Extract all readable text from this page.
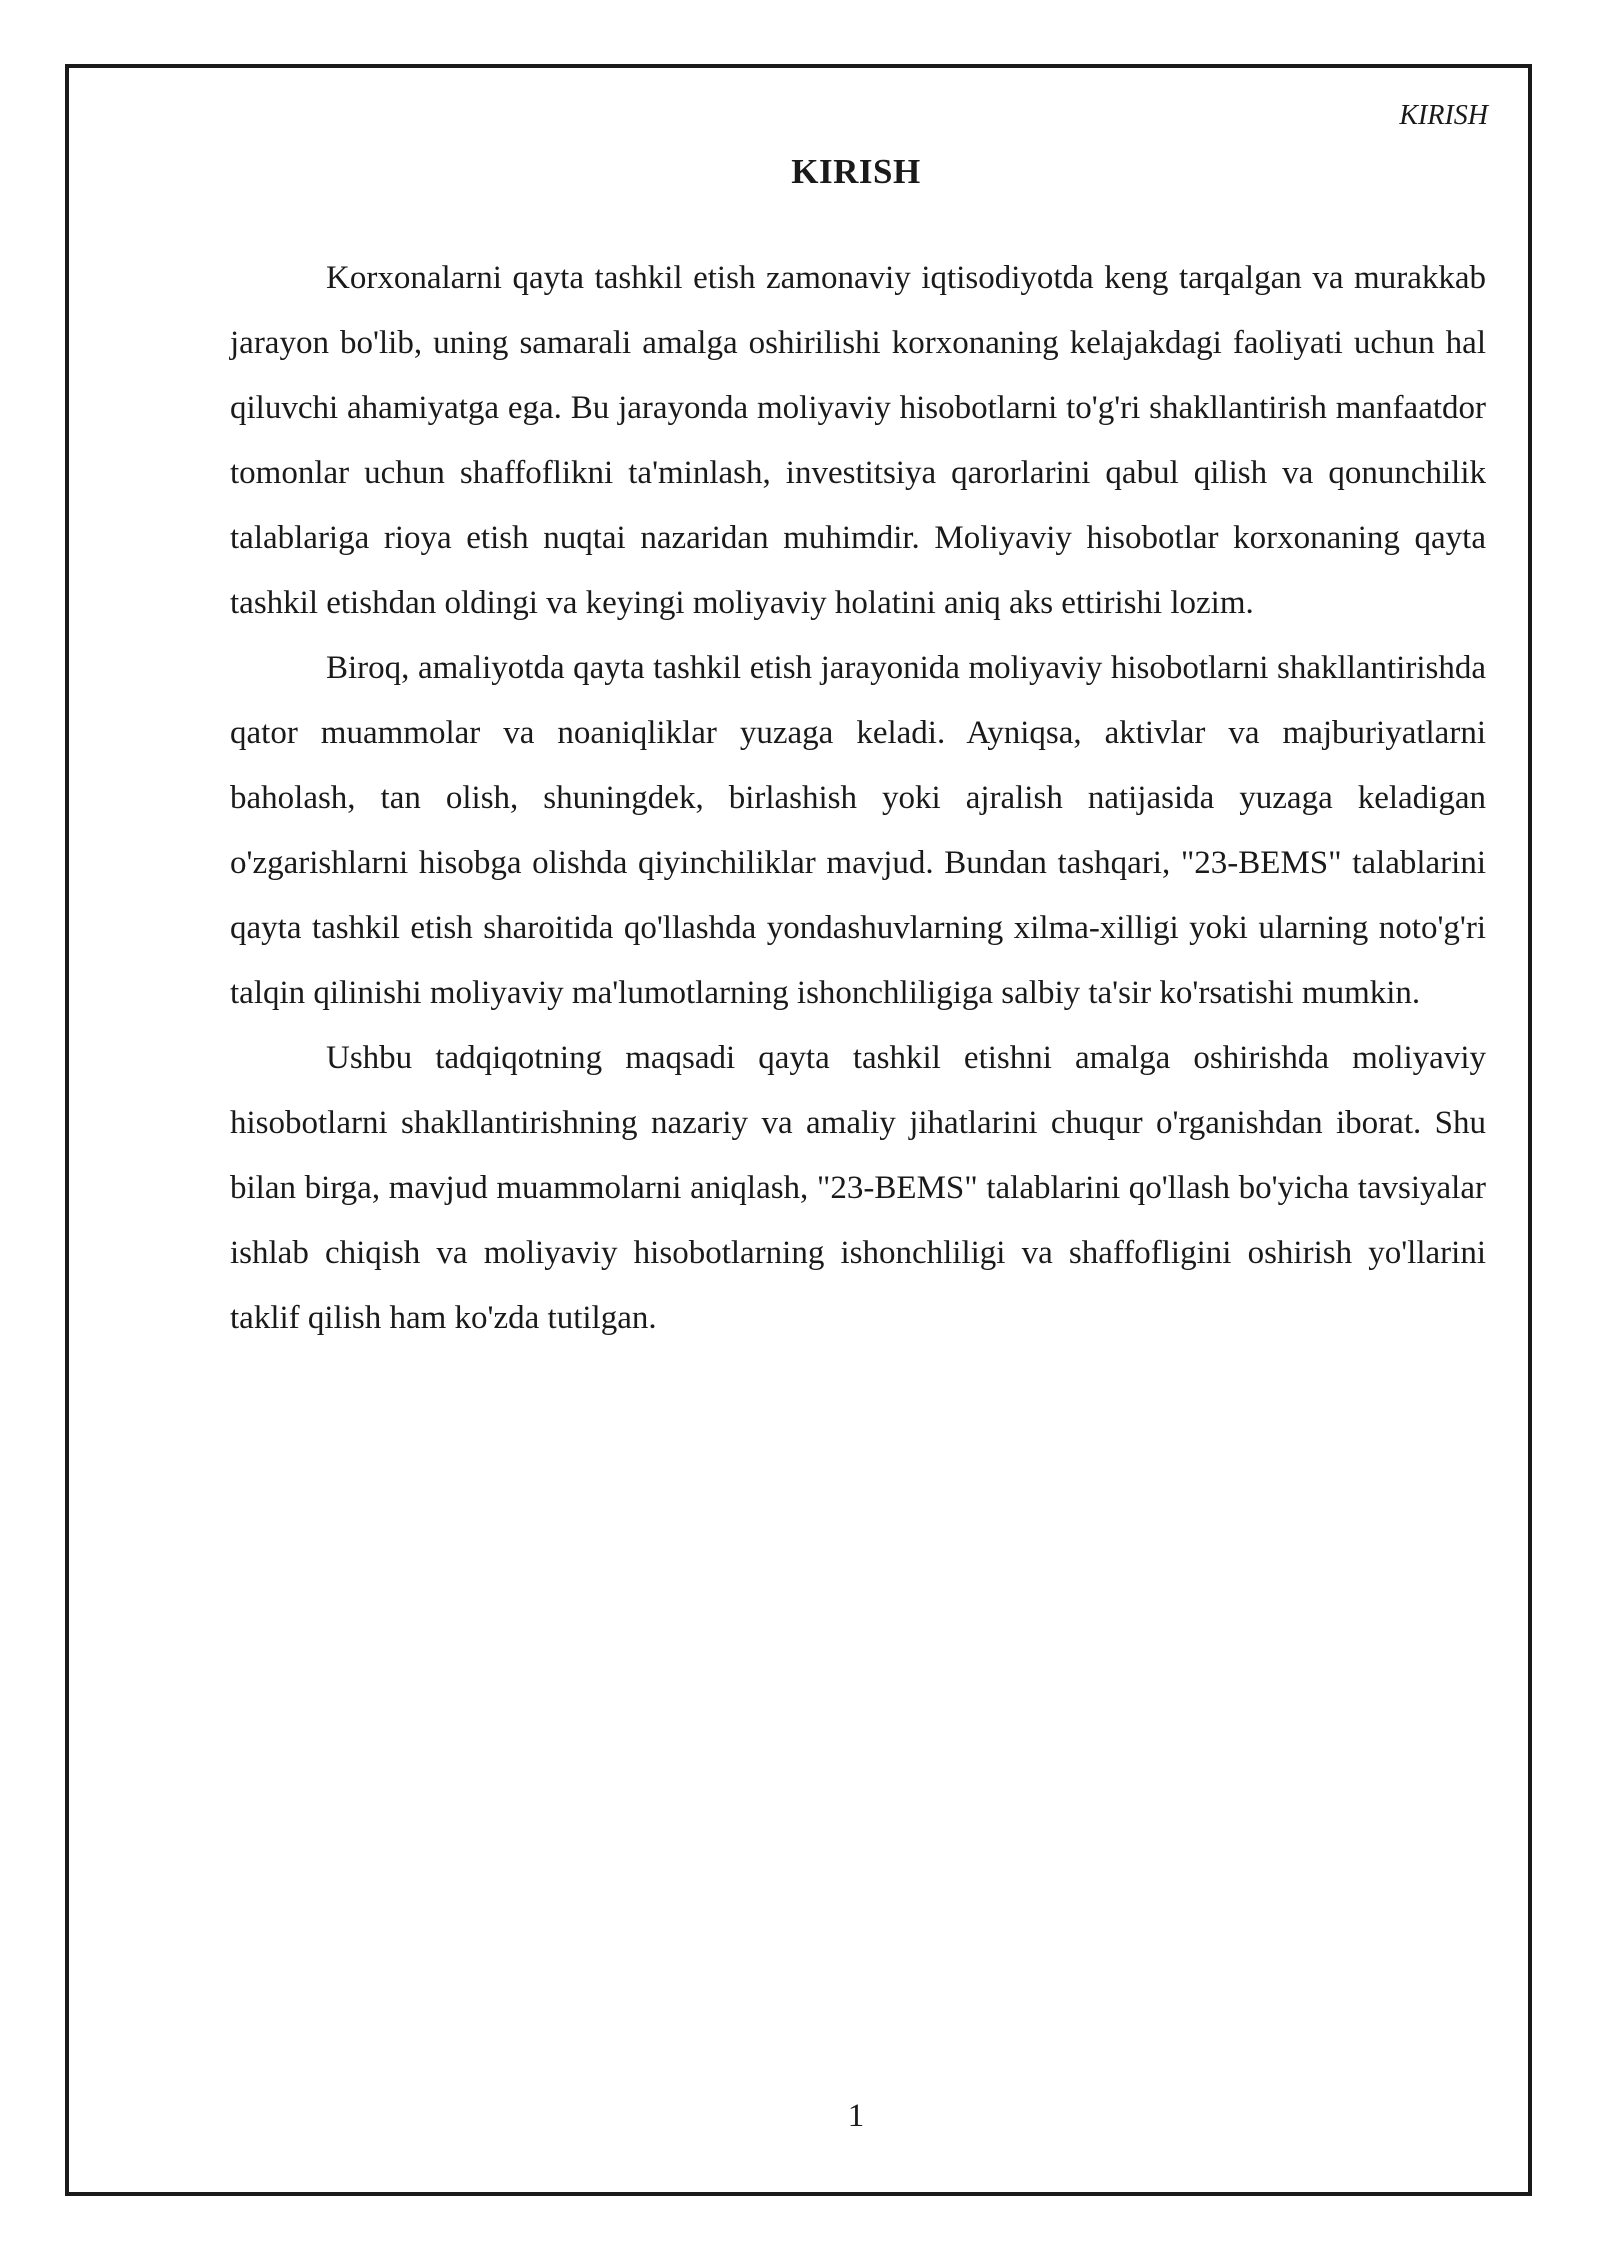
KIRISH
KIRISH

Korxonalarni qayta tashkil etish zamonaviy iqtisodiyotda keng tarqalgan va murakkab jarayon bo'lib, uning samarali amalga oshirilishi korxonaning kelajakdagi faoliyati uchun hal qiluvchi ahamiyatga ega. Bu jarayonda moliyaviy hisobotlarni to'g'ri shakllantirish manfaatdor tomonlar uchun shaffoflikni ta'minlash, investitsiya qarorlarini qabul qilish va qonunchilik talablariga rioya etish nuqtai nazaridan muhimdir. Moliyaviy hisobotlar korxonaning qayta tashkil etishdan oldingi va keyingi moliyaviy holatini aniq aks ettirishi lozim.

Biroq, amaliyotda qayta tashkil etish jarayonida moliyaviy hisobotlarni shakllantirishda qator muammolar va noaniqliklar yuzaga keladi. Ayniqsa, aktivlar va majburiyatlarni baholash, tan olish, shuningdek, birlashish yoki ajralish natijasida yuzaga keladigan o'zgarishlarni hisobga olishda qiyinchiliklar mavjud. Bundan tashqari, "23-BEMS" talablarini qayta tashkil etish sharoitida qo'llashda yondashuvlarning xilma-xilligi yoki ularning noto'g'ri talqin qilinishi moliyaviy ma'lumotlarning ishonchliligiga salbiy ta'sir ko'rsatishi mumkin.

Ushbu tadqiqotning maqsadi qayta tashkil etishni amalga oshirishda moliyaviy hisobotlarni shakllantirishning nazariy va amaliy jihatlarini chuqur o'rganishdan iborat. Shu bilan birga, mavjud muammolarni aniqlash, "23-BEMS" talablarini qo'llash bo'yicha tavsiyalar ishlab chiqish va moliyaviy hisobotlarning ishonchliligi va shaffofligini oshirish yo'llarini taklif qilish ham ko'zda tutilgan.

1
